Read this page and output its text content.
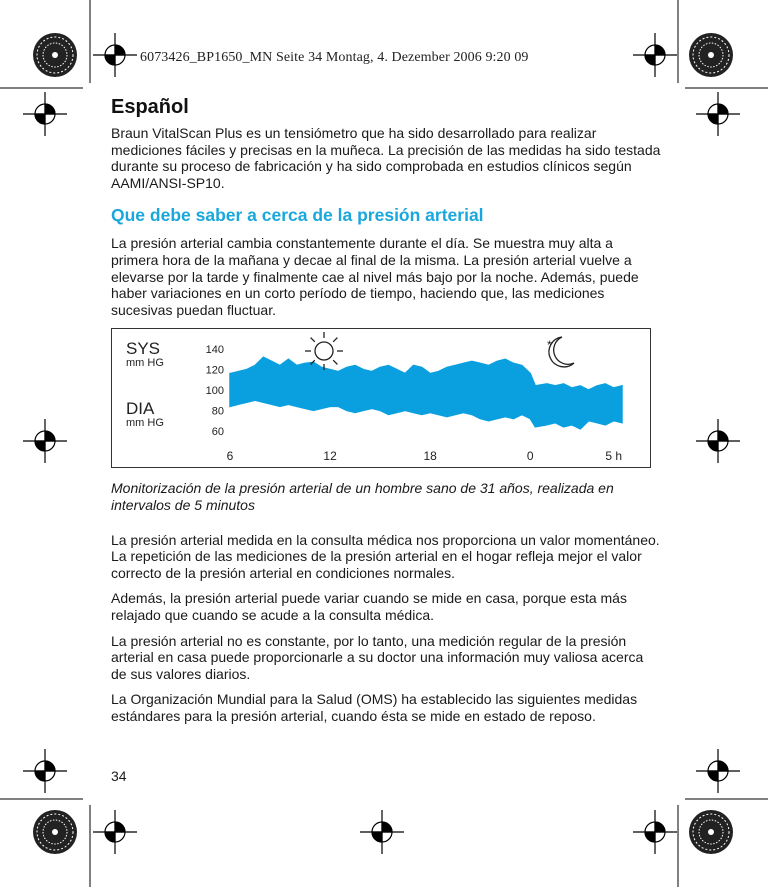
6073426_BP1650_MN Seite 34 Montag, 4. Dezember 2006 9:20 09
Español

Braun VitalScan Plus es un tensiómetro que ha sido desarrollado para realizar mediciones fáciles y precisas en la muñeca. La precisión de las medidas ha sido testada durante su proceso de fabricación y ha sido comprobada en estudios clínicos según AAMI/ANSI-SP10.

Que debe saber a cerca de la presión arterial

La presión arterial cambia constantemente durante el día. Se muestra muy alta a primera hora de la mañana y decae al final de la misma. La presión arterial vuelve a elevarse por la tarde y finalmente cae al nivel más bajo por la noche. Además, puede haber variaciones en un corto período de tiempo, haciendo que, las mediciones sucesivas puedan fluctuar.

SYS
mm HG
DIA
mm HG
140
120
100
80
60
6	12	18	0	5 h
*

Monitorización de la presión arterial de un hombre sano de 31 años, realizada en intervalos de 5 minutos

La presión arterial medida en la consulta médica nos proporciona un valor momentáneo. La repetición de las mediciones de la presión arterial en el hogar refleja mejor el valor correcto de la presión arterial en condiciones normales.

Además, la presión arterial puede variar cuando se mide en casa, porque esta más relajado que cuando se acude a la consulta médica.

La presión arterial no es constante, por lo tanto, una medición regular de la presión arterial en casa puede proporcionarle a su doctor una información muy valiosa acerca de sus valores diarios.

La Organización Mundial para la Salud (OMS) ha establecido las siguientes medidas estándares para la presión arterial, cuando ésta se mide en estado de reposo.

34
